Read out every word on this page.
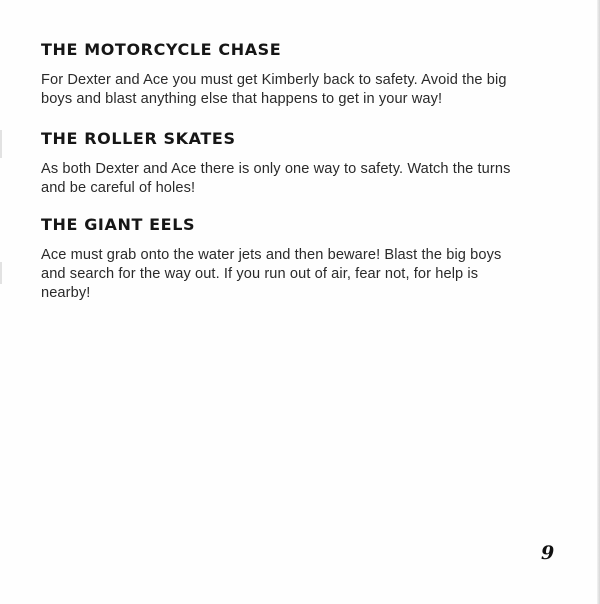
THE MOTORCYCLE CHASE

For Dexter and Ace you must get Kimberly back to safety. Avoid the big
boys and blast anything else that happens to get in your way!

THE ROLLER SKATES

As both Dexter and Ace there is only one way to safety. Watch the turns
and be careful of holes!

THE GIANT EELS

Ace must grab onto the water jets and then beware! Blast the big boys
and search for the way out. If you run out of air, fear not, for help is
nearby!

9
